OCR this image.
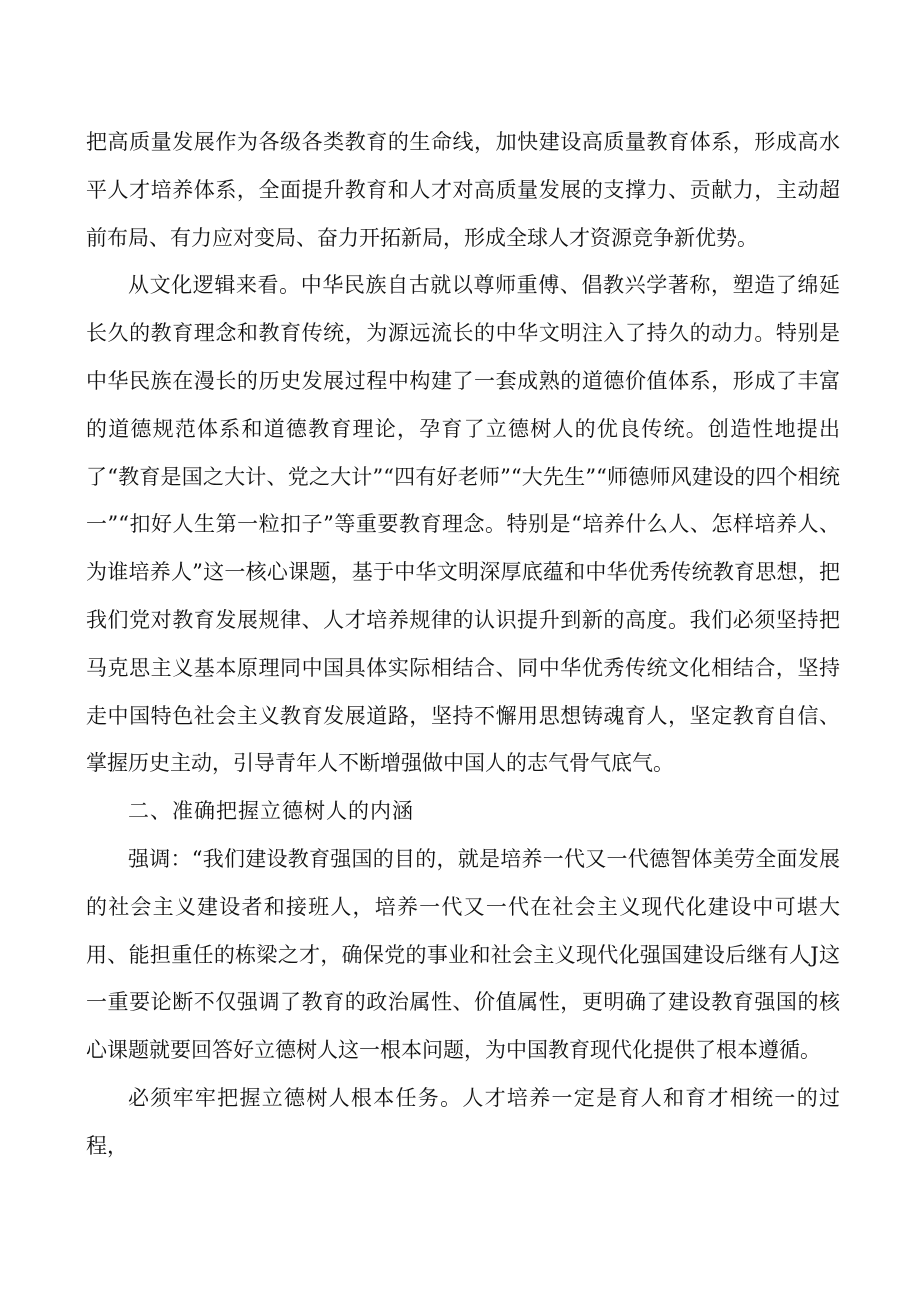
把高质量发展作为各级各类教育的生命线，加快建设高质量教育体系，形成高水平人才培养体系，全面提升教育和人才对高质量发展的支撑力、贡献力，主动超前布局、有力应对变局、奋力开拓新局，形成全球人才资源竞争新优势。

从文化逻辑来看。中华民族自古就以尊师重傅、倡教兴学著称，塑造了绵延长久的教育理念和教育传统，为源远流长的中华文明注入了持久的动力。特别是中华民族在漫长的历史发展过程中构建了一套成熟的道德价值体系，形成了丰富的道德规范体系和道德教育理论，孕育了立德树人的优良传统。创造性地提出了“教育是国之大计、党之大计”“四有好老师”“大先生”“师德师风建设的四个相统一”“扣好人生第一粒扣子”等重要教育理念。特别是“培养什么人、怎样培养人、为谁培养人”这一核心课题，基于中华文明深厚底蕴和中华优秀传统教育思想，把我们党对教育发展规律、人才培养规律的认识提升到新的高度。我们必须坚持把马克思主义基本原理同中国具体实际相结合、同中华优秀传统文化相结合，坚持走中国特色社会主义教育发展道路，坚持不懈用思想铸魂育人，坚定教育自信、掌握历史主动，引导青年人不断增强做中国人的志气骨气底气。

二、准确把握立德树人的内涵

强调：“我们建设教育强国的目的，就是培养一代又一代德智体美劳全面发展的社会主义建设者和接班人，培养一代又一代在社会主义现代化建设中可堪大用、能担重任的栋梁之才，确保党的事业和社会主义现代化强国建设后继有人J这一重要论断不仅强调了教育的政治属性、价值属性，更明确了建设教育强国的核心课题就要回答好立德树人这一根本问题，为中国教育现代化提供了根本遵循。

必须牢牢把握立德树人根本任务。人才培养一定是育人和育才相统一的过程，
